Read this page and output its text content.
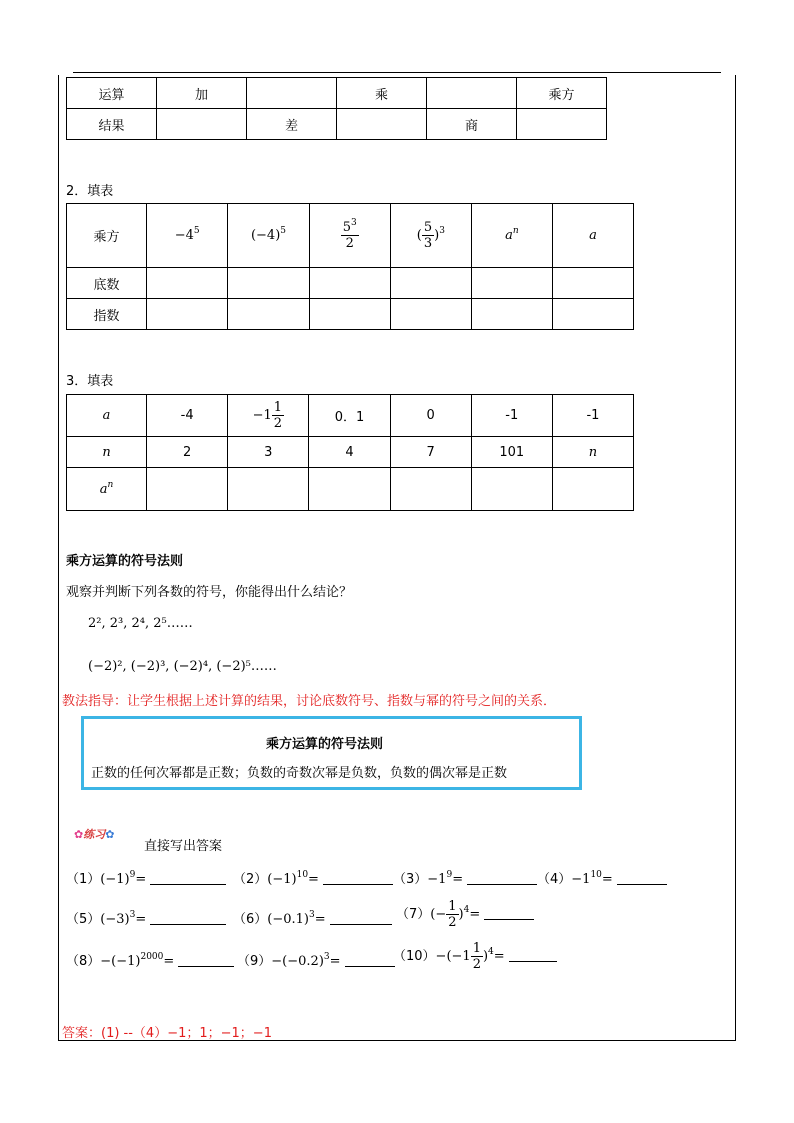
运算	加		乘		乘方
结果		差		商	
2．填表
乘方	$-4^5$	$(-4)^5$	$\frac{5^3}{2}$	( $\frac{5}{3} )^3$	$a^n$	a
底数						
指数						
3．填表
a	-4	$-1 \frac{1}{2}$	0．1	0	-1	-1
n	2	3	4	7	101	n
$a^n$						
乘方运算的符号法则
观察并判断下列各数的符号，你能得出什么结论？
2², 2³, 2⁴, 2⁵……
(−2)², (−2)³, (−2)⁴, (−2)⁵……
教法指导：让学生根据上述计算的结果，讨论底数符号、指数与幂的符号之间的关系．
乘方运算的符号法则
正数的任何次幂都是正数；负数的奇数次幂是负数，负数的偶次幂是正数
✿练习✿
直接写出答案
$(1)(-1)^9=$	$(2)(-1)^{10}=$	$(3)-1^9=$	$(4)-1^{10}=$
$(5)(-3)^3=$	$(6)(-0.1)^3=$	$(7)(- \frac{1}{2} )^4=$
$(8)-(-1)^{2000}=$	$(9)-(-0.2)^3=$	$(10)-(-1 \frac{1}{2} )^4=$
答案：(1) --（4）−1；1；−1；−1
